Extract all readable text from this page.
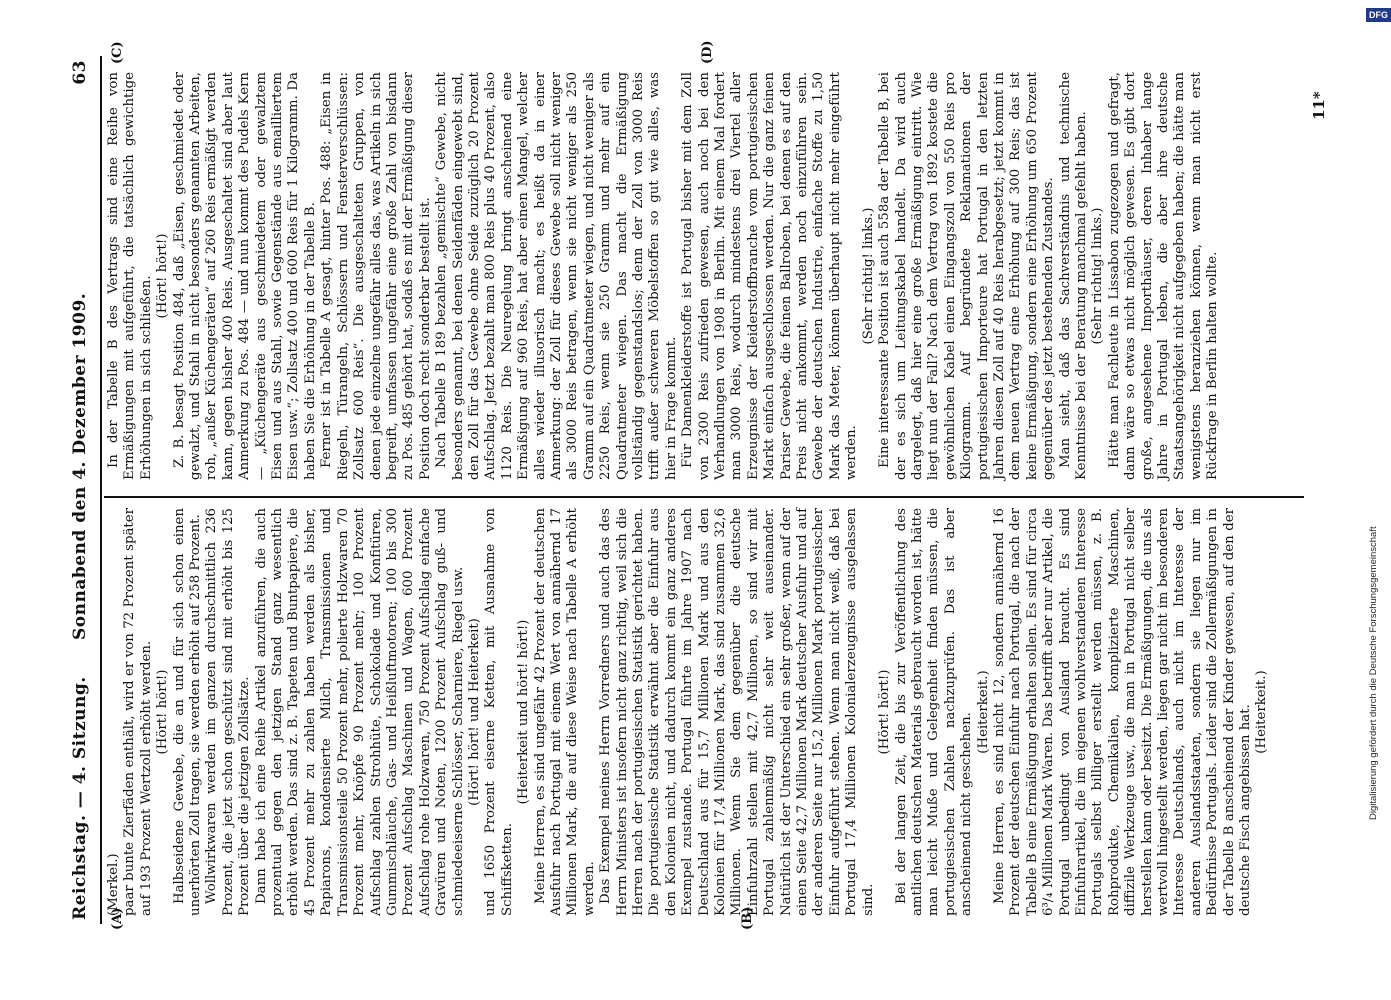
Reichstag. — 4. Sitzung.
Sonnabend den 4. Dezember 1909.
63
(A)	(B)
(C)	(D)

(Merkel.) paar bunte Zierfäden enthält, wird er von 72 Prozent später auf 193 Prozent Wertzoll erhöht werden. (Hört! hört!) Halbseidene Gewebe, die an und für sich schon einen unerhörten Zoll tragen, sie werden erhöht auf 258 Prozent. Wollwirkwaren werden im ganzen durchschnittlich 236 Prozent, die jetzt schon geschützt sind mit erhöht bis 125 Prozent über die jetzigen Zollsätze. Dann habe ich eine Reihe Artikel anzuführen, die auch prozentual gegen den jetzigen Stand ganz wesentlich erhöht werden. Das sind z. B. Tapeten und Buntpapiere, die 45 Prozent mehr zu zahlen haben werden als bisher, Papiarons, kondensierte Milch, Transmissionen und Transmissionsteile 50 Prozent mehr, polierte Holzwaren 70 Prozent mehr, Knöpfe 90 Prozent mehr; 100 Prozent Aufschlag zahlen Strohhüte, Schokolade und Konfitüren, Gummischläuche, Gas- und Heißluftmotoren; 100 bis 300 Prozent Aufschlag Maschinen und Wagen, 600 Prozent Aufschlag rohe Holzwaren, 750 Prozent Aufschlag einfache Gravüren und Noten, 1200 Prozent Aufschlag guß- und schmiedeeiserne Schlösser, Scharniere, Riegel usw. (Hört! hört! und Heiterkeit) und 1650 Prozent eiserne Ketten, mit Ausnahme von Schiffsketten.

(Heiterkeit und hört! hört!) Meine Herren, es sind ungefähr 42 Prozent der deutschen Ausfuhr nach Portugal mit einem Wert von annähernd 17 Millionen Mark, die auf diese Weise nach Tabelle A erhöht werden. Das Exempel meines Herrn Vorredners und auch das des Herrn Ministers ist insofern nicht ganz richtig, weil sich die Herren nach der portugiesischen Statistik gerichtet haben. Die portugiesische Statistik erwähnt aber die Einfuhr aus den Kolonien nicht, und dadurch kommt ein ganz anderes Exempel zustande. Portugal führte im Jahre 1907 nach Deutschland aus für 15,7 Millionen Mark und aus den Kolonien für 17,4 Millionen Mark, das sind zusammen 32,6 Millionen. Wenn Sie dem gegenüber die deutsche Einfuhrzahl stellen mit 42,7 Millionen, so sind wir mit Portugal zahlenmäßig nicht sehr weit auseinander. Natürlich ist der Unterschied ein sehr großer, wenn auf der einen Seite 42,7 Millionen Mark deutscher Ausfuhr und auf der anderen Seite nur 15,2 Millionen Mark portugiesischer Einfuhr aufgeführt stehen. Wenn man nicht weiß, daß bei Portugal 17,4 Millionen Kolonialerzeugnisse ausgelassen sind.

(Hört! hört!) Bei der langen Zeit, die bis zur Veröffentlichung des amtlichen deutschen Materials gebraucht worden ist, hätte man leicht Muße und Gelegenheit finden müssen, die portugiesischen Zahlen nachzuprüfen. Das ist aber anscheinend nicht geschehen.

(Heiterkeit.) Meine Herren, es sind nicht 12, sondern annähernd 16 Prozent der deutschen Einfuhr nach Portugal, die nach der Tabelle B eine Ermäßigung erhalten sollen. Es sind für circa 6³/₄ Millionen Mark Waren. Das betrifft aber nur Artikel, die Portugal unbedingt von Ausland braucht. Es sind Einfuhrartikel, die im eigenen wohlverstandenen Interesse Portugals selbst billiger erstellt werden müssen, z. B. Rohprodukte, Chemikalien, komplizierte Maschinen, diffizile Werkzeuge usw., die man in Portugal nicht selber herstellen kann oder besitzt. Die Ermäßigungen, die uns als wertvoll hingestellt werden, liegen gar nicht im besonderen Interesse Deutschlands, auch nicht im Interesse der anderen Auslandsstaaten, sondern sie liegen nur im Bedürfnisse Portugals. Leider sind die Zollermäßigungen in der Tabelle B anscheinend der Kinder gewesen, auf den der deutsche Fisch angebissen hat. (Heiterkeit.)

In der Tabelle B des Vertrags sind eine Reihe von Ermäßigungen mit aufgeführt, die tatsächlich gewichtige Erhöhungen in sich schließen. (Hört! hört!) Z. B. besagt Position 484, daß „Eisen, geschmiedet oder gewalzt, und Stahl in nicht besonders genannten Arbeiten, roh, „außer Küchengeräten“ auf 260 Reis ermäßigt werden kann, gegen bisher 400 Reis. Ausgeschaltet sind aber laut Anmerkung zu Pos. 484 — und nun kommt des Pudels Kern — „Küchengeräte aus geschmiedetem oder gewalztem Eisen und aus Stahl, sowie Gegenstände aus emailliertem Eisen usw.“; Zollsatz 400 und 600 Reis für 1 Kilogramm. Da haben Sie die Erhöhung in der Tabelle B. Ferner ist in Tabelle A gesagt, hinter Pos. 488: „Eisen in Riegeln, Türangeln, Schlössern und Fensterverschlüssen: Zollsatz 600 Reis“. Die ausgeschalteten Gruppen, von denen jede einzelne ungefähr alles das, was Artikeln in sich begreift, umfassen ungefähr eine große Zahl von bisdann zu Pos. 485 gehört hat, sodaß es mit der Ermäßigung dieser Position doch recht sonderbar bestellt ist. Nach Tabelle B 189 bezahlen „gemischte“ Gewebe, nicht besonders genannt, bei denen Seidenfäden eingewebt sind, den Zoll für das Gewebe ohne Seide zuzüglich 20 Prozent Aufschlag. Jetzt bezahlt man 800 Reis plus 40 Prozent, also 1120 Reis. Die Neuregelung bringt anscheinend eine Ermäßigung auf 960 Reis, hat aber einen Mangel, welcher alles wieder illusorisch macht; es heißt da in einer Anmerkung: der Zoll für dieses Gewebe soll nicht weniger als 3000 Reis betragen, wenn sie nicht weniger als 250 Gramm auf ein Quadratmeter wiegen, und nicht weniger als 2250 Reis, wenn sie 250 Gramm und mehr auf ein Quadratmeter wiegen. Das macht die Ermäßigung vollständig gegenstandslos; denn der Zoll von 3000 Reis trifft außer schweren Möbelstoffen so gut wie alles, was hier in Frage kommt. Für Damenkleiderstoffe ist Portugal bisher mit dem Zoll von 2300 Reis zufrieden gewesen, auch noch bei den Verhandlungen von 1908 in Berlin. Mit einem Mal fordert man 3000 Reis, wodurch mindestens drei Viertel aller Erzeugnisse der Kleiderstoffbranche vom portugiesischen Markt einfach ausgeschlossen werden. Nur die ganz feinen Pariser Gewebe, die feinen Ballroben, bei denen es auf den Preis nicht ankommt, werden noch einzuführen sein. Gewebe der deutschen Industrie, einfache Stoffe zu 1,50 Mark das Meter, können überhaupt nicht mehr eingeführt werden.

(Sehr richtig! links.) Eine interessante Position ist auch 558a der Tabelle B, bei der es sich um Leitungskabel handelt. Da wird auch dargelegt, daß hier eine große Ermäßigung eintritt. Wie liegt nun der Fall? Nach dem Vertrag von 1892 kostete die gewöhnlichen Kabel einen Eingangszoll von 550 Reis pro Kilogramm. Auf begründete Reklamationen der portugiesischen Importeure hat Portugal in den letzten Jahren diesen Zoll auf 40 Reis herabgesetzt; jetzt kommt in dem neuen Vertrag eine Erhöhung auf 300 Reis; das ist keine Ermäßigung, sondern eine Erhöhung um 650 Prozent gegenüber des jetzt bestehenden Zustandes. Man sieht, daß das Sachverständnis und technische Kenntnisse bei der Beratung manchmal gefehlt haben. (Sehr richtig! links.) Hätte man Fachleute in Lissabon zugezogen und gefragt, dann wäre so etwas nicht möglich gewesen. Es gibt dort große, angesehene Importhäuser, deren Inhaber lange Jahre in Portugal leben, die aber ihre deutsche Staatsangehörigkeit nicht aufgegeben haben; die hätte man wenigstens heranziehen können, wenn man nicht erst Rückfrage in Berlin halten wollte.

11*
Digitalisierung gefördert durch die Deutsche Forschungsgemeinschaft
DFG
